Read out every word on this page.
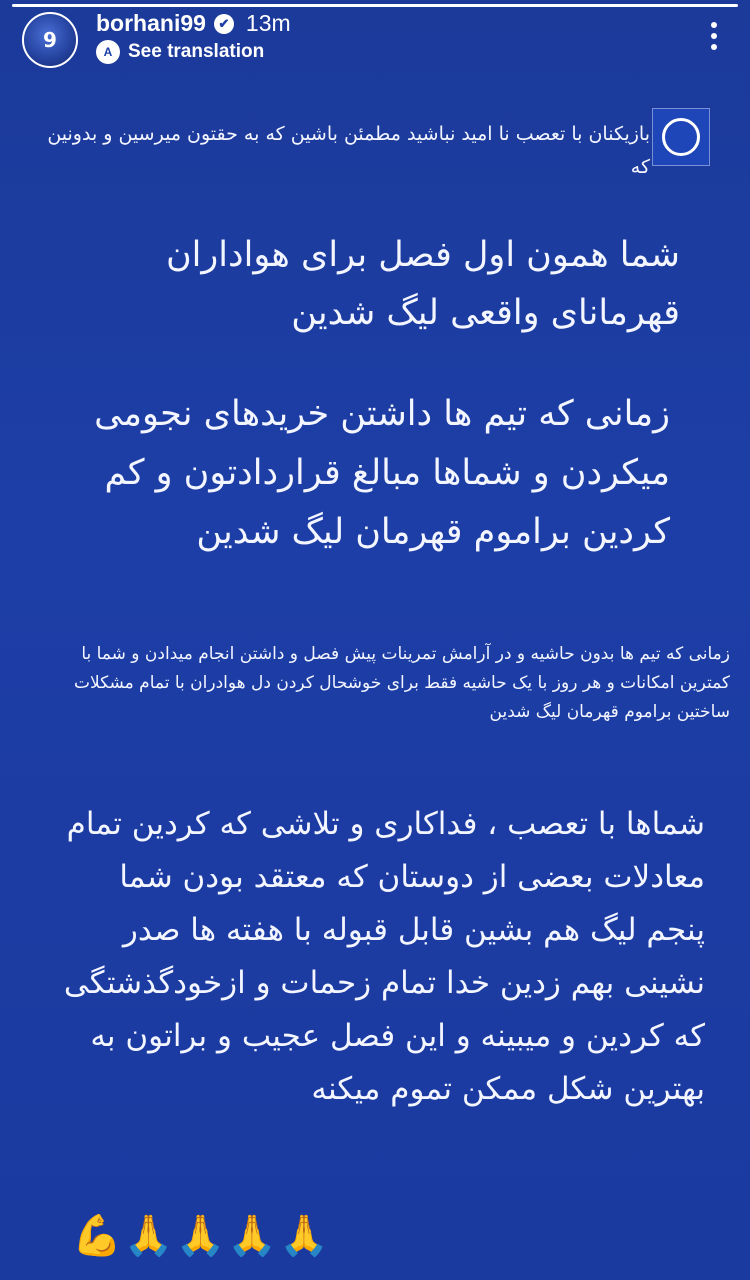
9
borhani99 ✔ 13m
A See translation

بازیکنان با تعصب نا امید نباشید مطمئن باشین که به حقتون میرسین و بدونین که

شما همون اول فصل برای هواداران قهرمانای واقعی لیگ شدین

زمانی که تیم ها داشتن خریدهای نجومی میکردن و شماها مبالغ قراردادتون و کم کردین براموم قهرمان لیگ شدین

زمانی که تیم ها بدون حاشیه و در آرامش تمرینات پیش فصل و داشتن انجام میدادن و شما با کمترین امکانات و هر روز با یک حاشیه فقط برای خوشحال کردن دل هوادران با تمام مشکلات ساختین براموم قهرمان لیگ شدین

شماها با تعصب ، فداکاری و تلاشی که کردین تمام معادلات بعضی از دوستان که معتقد بودن شما پنجم لیگ هم بشین قابل قبوله با هفته ها صدر نشینی بهم زدین خدا تمام زحمات و ازخودگذشتگی که کردین و میبینه و این فصل عجیب و براتون به بهترین شکل ممکن تموم میکنه

💪🙏🙏🙏🙏
